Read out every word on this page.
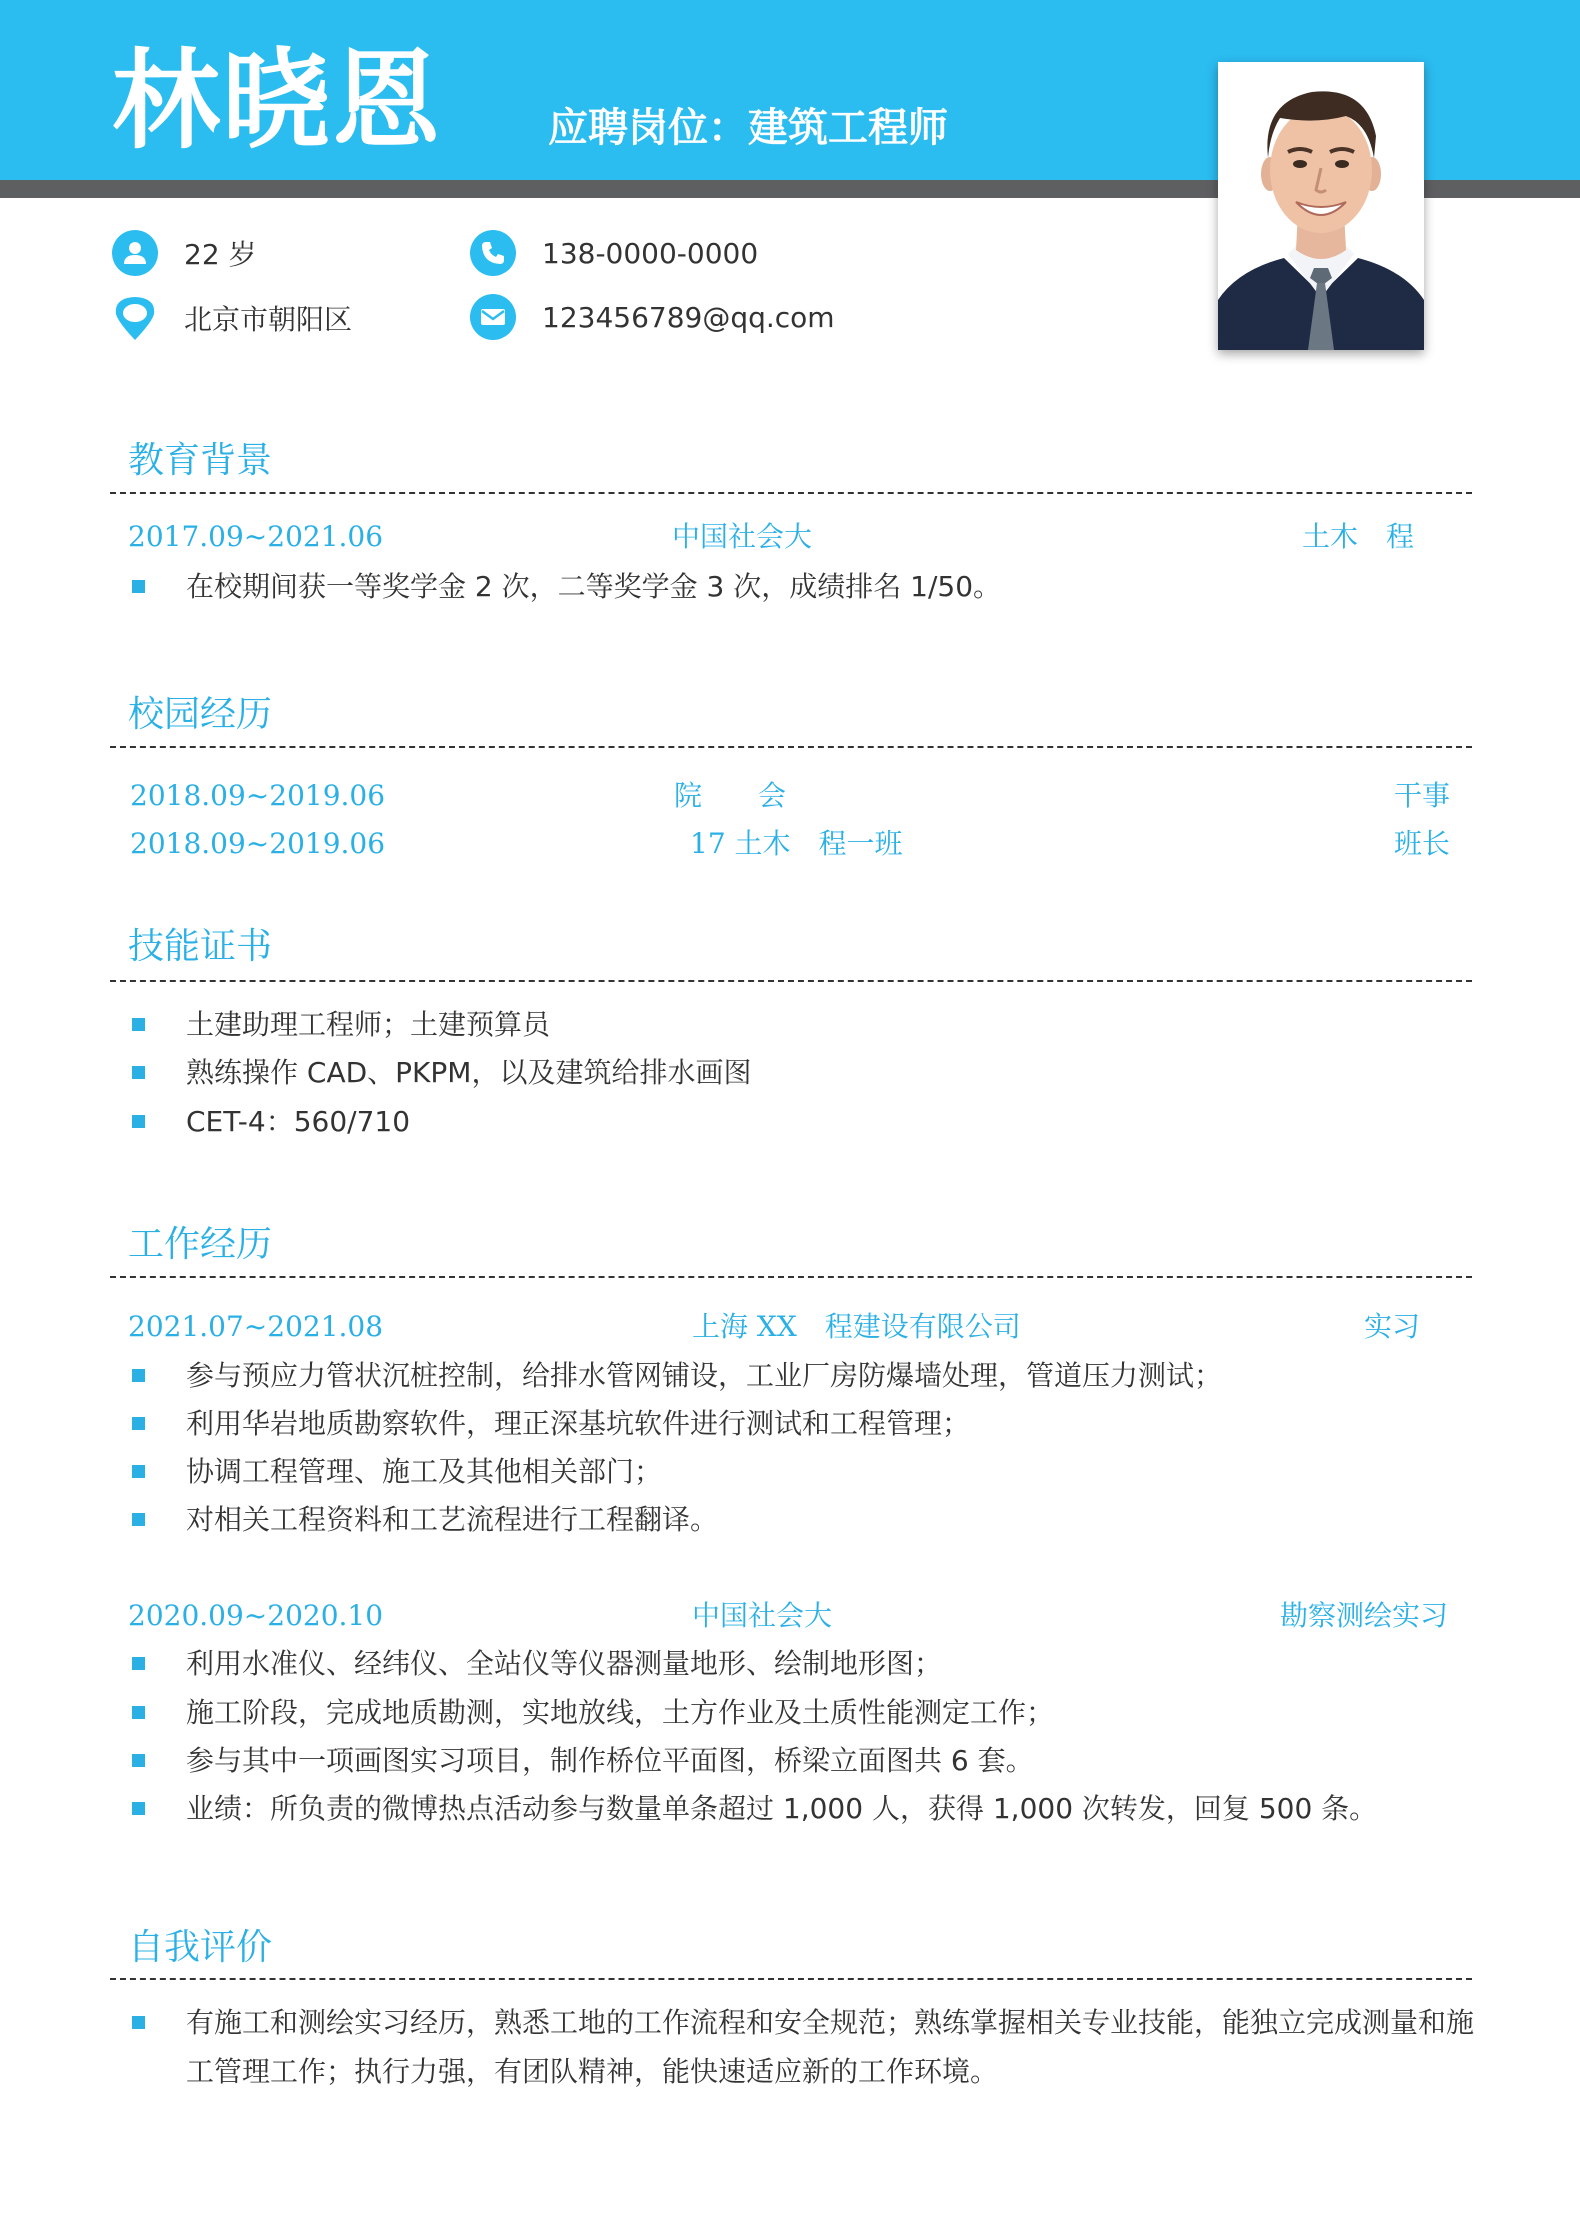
林晓恩	应聘岗位：建筑工程师
22 岁	138-0000-0000
北京市朝阳区	123456789@qq.com
教育背景
2017.09~2021.06	中国社会大	土木　程
在校期间获一等奖学金 2 次，二等奖学金 3 次，成绩排名 1/50。
校园经历
2018.09~2019.06	院　　会	干事
2018.09~2019.06	17 土木　程一班	班长
技能证书
土建助理工程师；土建预算员
熟练操作 CAD、PKPM，以及建筑给排水画图
CET-4：560/710
工作经历
2021.07~2021.08	上海 XX　程建设有限公司	实习
参与预应力管状沉桩控制，给排水管网铺设，工业厂房防爆墙处理，管道压力测试；
利用华岩地质勘察软件，理正深基坑软件进行测试和工程管理；
协调工程管理、施工及其他相关部门；
对相关工程资料和工艺流程进行工程翻译。
2020.09~2020.10	中国社会大	勘察测绘实习
利用水准仪、经纬仪、全站仪等仪器测量地形、绘制地形图；
施工阶段，完成地质勘测，实地放线，土方作业及土质性能测定工作；
参与其中一项画图实习项目，制作桥位平面图，桥梁立面图共 6 套。
业绩：所负责的微博热点活动参与数量单条超过 1,000 人，获得 1,000 次转发，回复 500 条。
自我评价
有施工和测绘实习经历，熟悉工地的工作流程和安全规范；熟练掌握相关专业技能，能独立完成测量和施工管理工作；执行力强，有团队精神，能快速适应新的工作环境。
